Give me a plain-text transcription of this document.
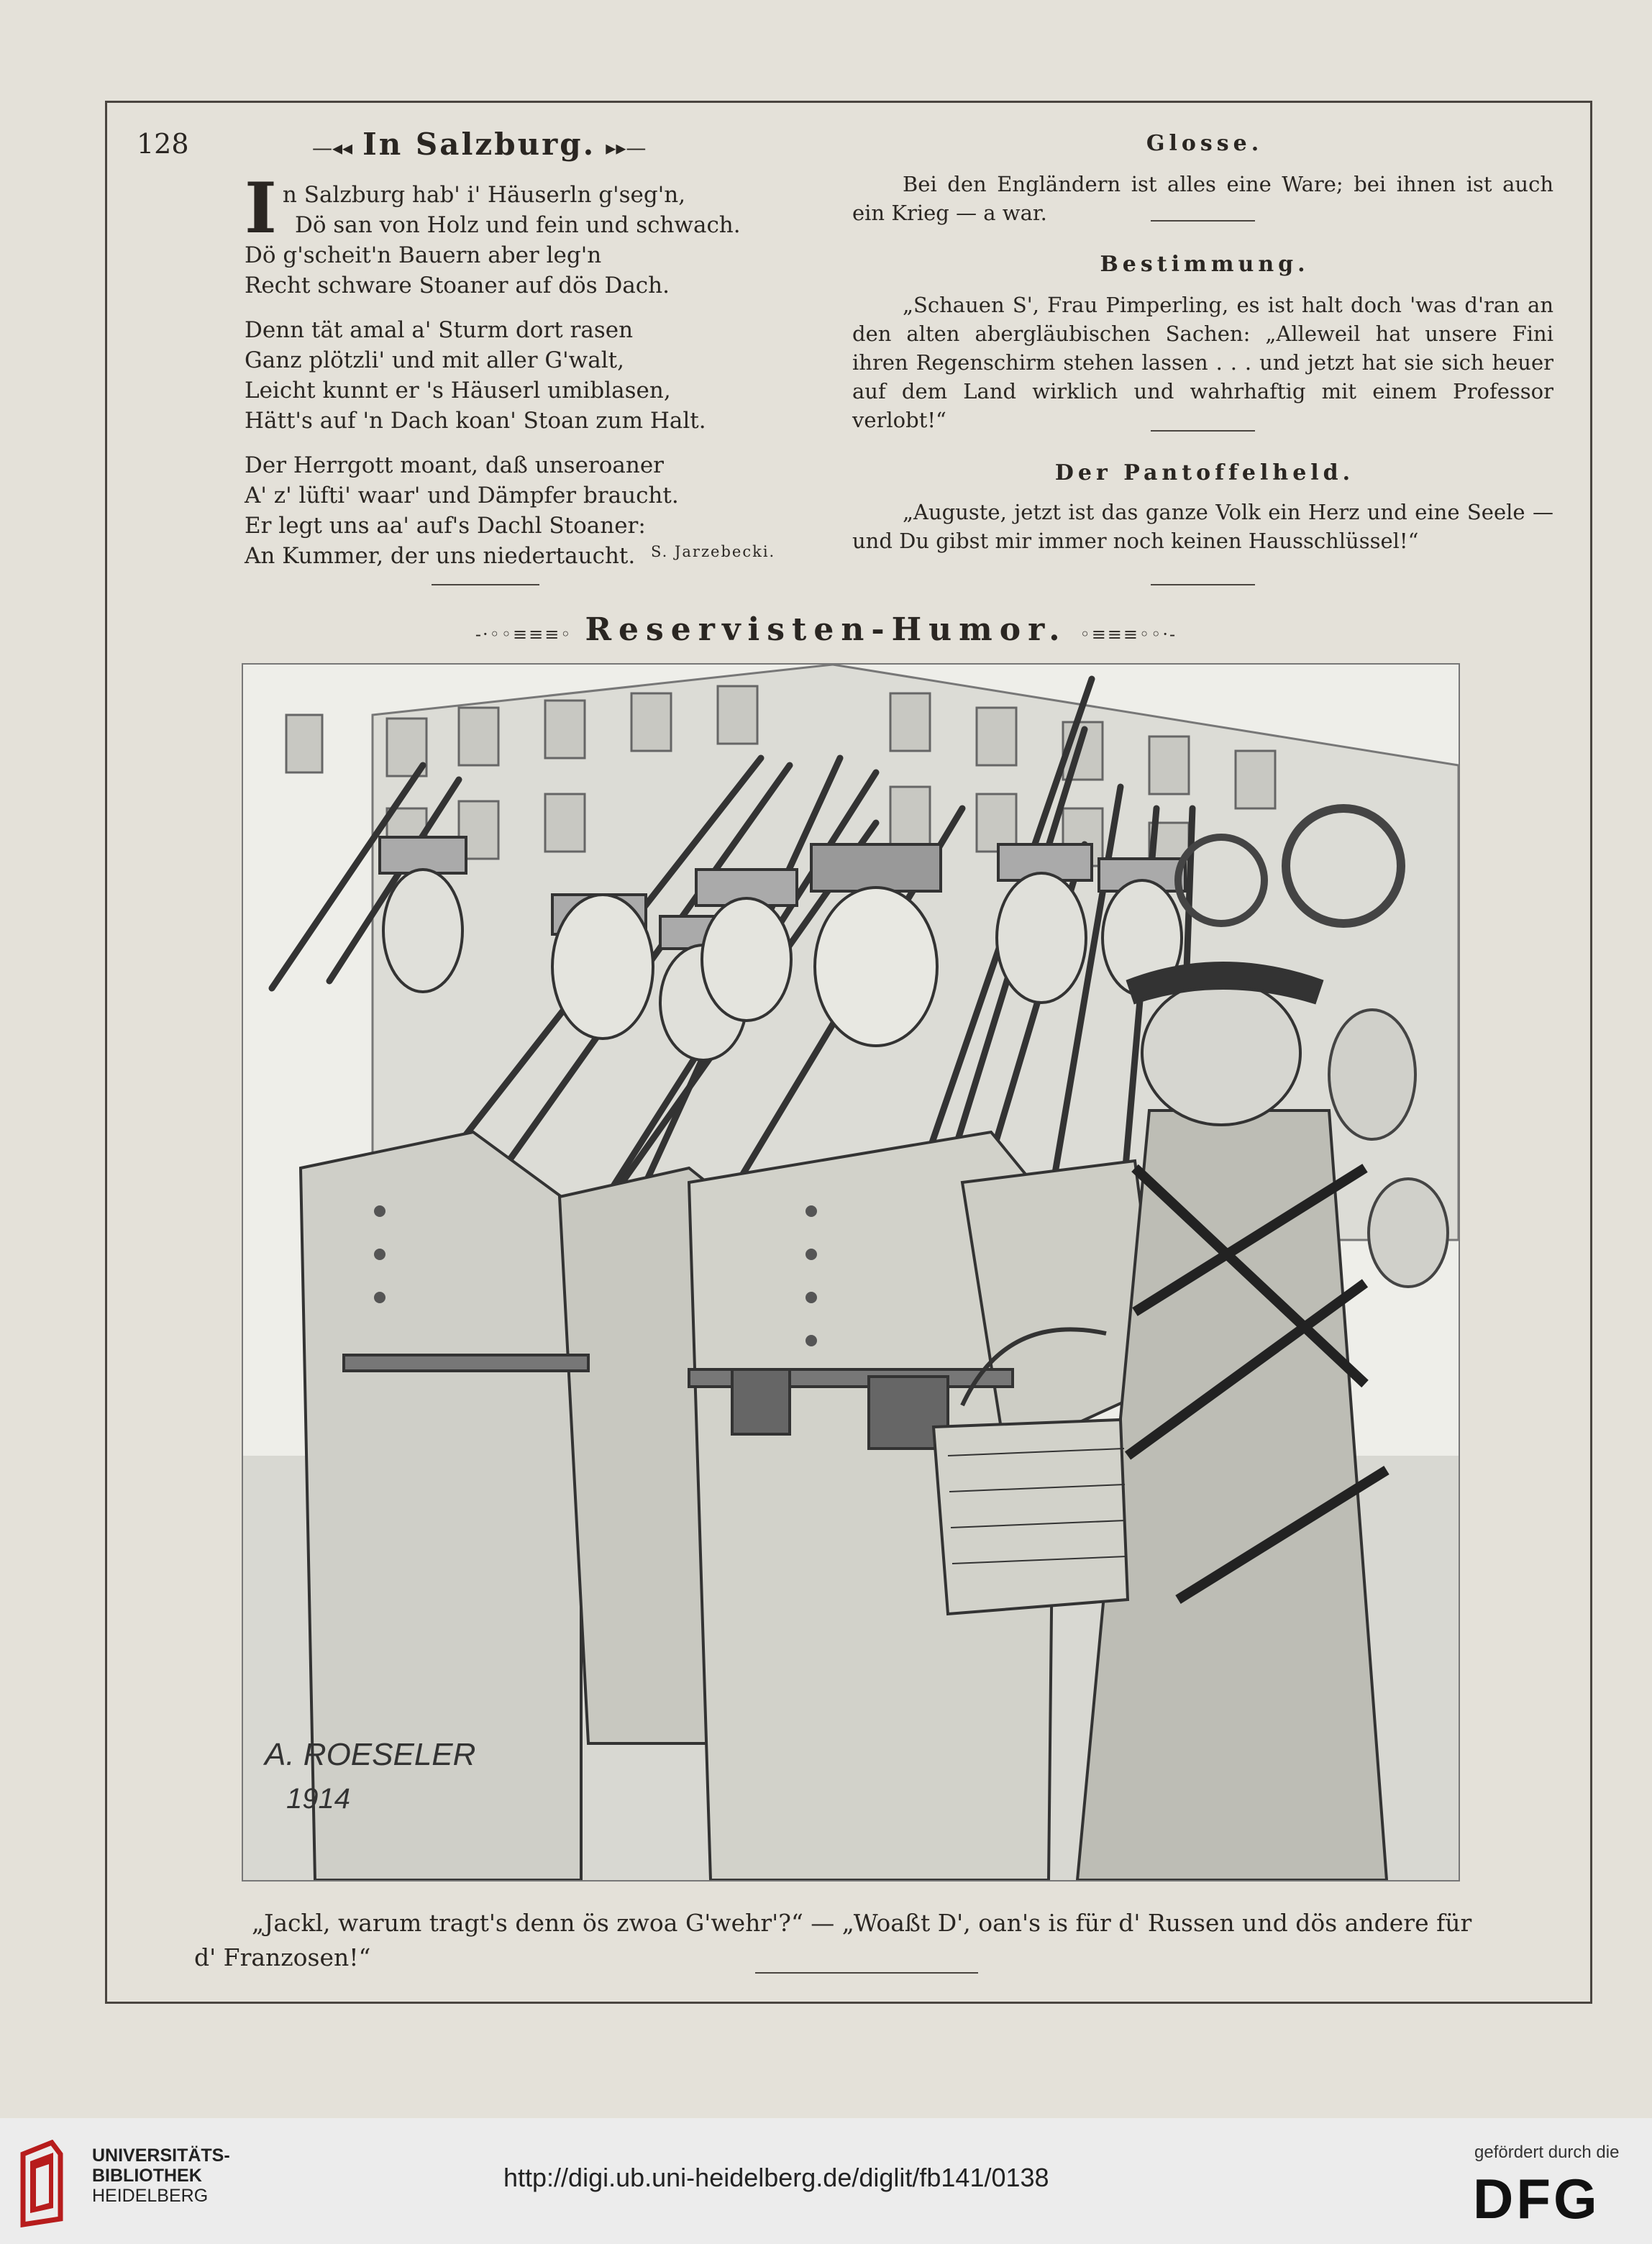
128	—◂◂ In Salzburg. ▸▸—
I n Salzburg hab' i' Häuserln g'seg'n,
Dö san von Holz und fein und schwach.
Dö g'scheit'n Bauern aber leg'n
Recht schware Stoaner auf dös Dach.
Denn tät amal a' Sturm dort rasen
Ganz plötzli' und mit aller G'walt,
Leicht kunnt er 's Häuserl umiblasen,
Hätt's auf 'n Dach koan' Stoan zum Halt.
Der Herrgott moant, daß unseroaner
A' z' lüfti' waar' und Dämpfer braucht.
Er legt uns aa' auf's Dachl Stoaner:
An Kummer, der uns niedertaucht.	S. Jarzebecki.
Glosse.

Bei den Engländern ist alles eine Ware; bei ihnen ist auch ein Krieg — a war.

Bestimmung.

„Schauen S', Frau Pimperling, es ist halt doch 'was d'ran an den alten abergläubischen Sachen: „Alleweil hat unsere Fini ihren Regenschirm stehen lassen . . . und jetzt hat sie sich heuer auf dem Land wirklich und wahrhaftig mit einem Professor verlobt!“

Der Pantoffelheld.

„Auguste, jetzt ist das ganze Volk ein Herz und eine Seele — und Du gibst mir immer noch keinen Hausschlüssel!“

-·◦◦≡≡≡◦ Reservisten-Humor. ◦≡≡≡◦◦·-
A. ROESELER
1914
„Jackl, warum tragt's denn ös zwoa G'wehr'?“ — „Woaßt D', oan's is für d' Russen und dös andere für
d' Franzosen!“
UNIVERSITÄTS-
BIBLIOTHEK
HEIDELBERG
http://digi.ub.uni-heidelberg.de/diglit/fb141/0138
gefördert durch die
DFG
